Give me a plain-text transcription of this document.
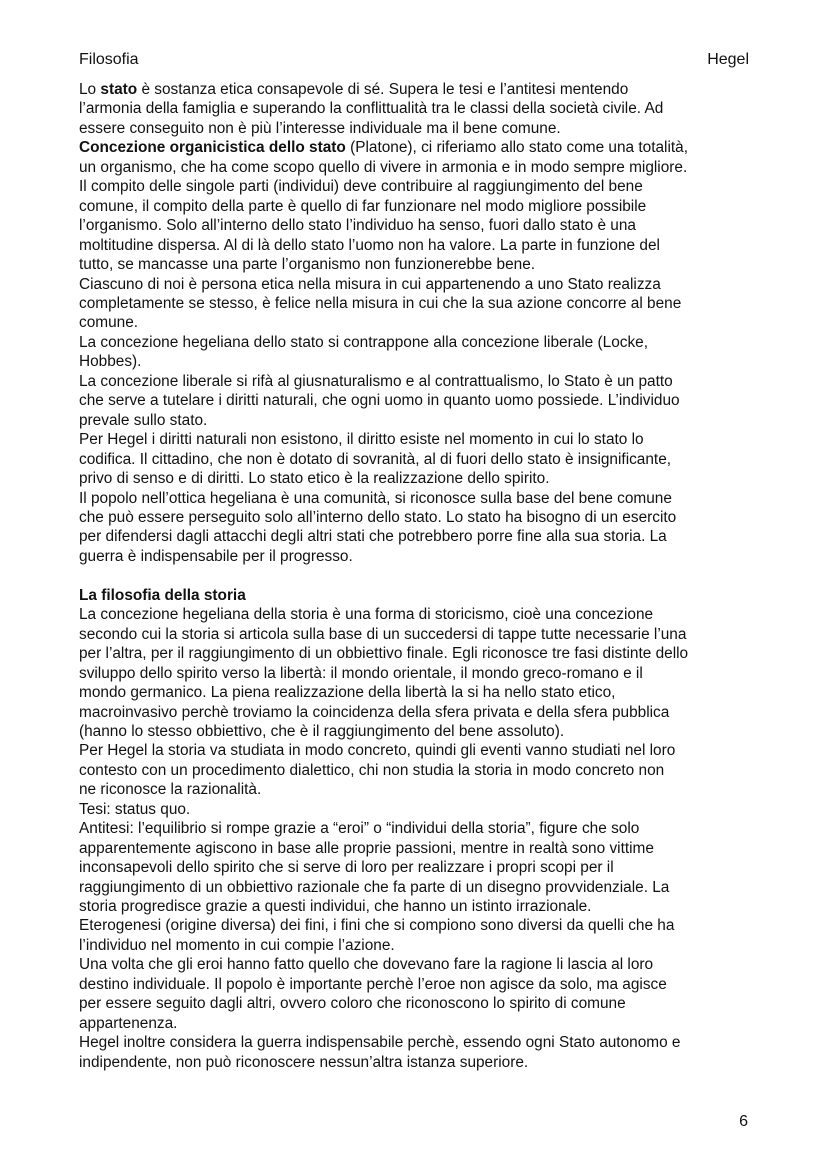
Filosofia	Hegel
Lo stato è sostanza etica consapevole di sé. Supera le tesi e l’antitesi mentendo
l’armonia della famiglia e superando la conflittualità tra le classi della società civile. Ad
essere conseguito non è più l’interesse individuale ma il bene comune.
Concezione organicistica dello stato (Platone), ci riferiamo allo stato come una totalità,
un organismo, che ha come scopo quello di vivere in armonia e in modo sempre migliore.
Il compito delle singole parti (individui) deve contribuire al raggiungimento del bene
comune, il compito della parte è quello di far funzionare nel modo migliore possibile
l’organismo. Solo all’interno dello stato l’individuo ha senso, fuori dallo stato è una
moltitudine dispersa. Al di là dello stato l’uomo non ha valore. La parte in funzione del
tutto, se mancasse una parte l’organismo non funzionerebbe bene.
Ciascuno di noi è persona etica nella misura in cui appartenendo a uno Stato realizza
completamente se stesso, è felice nella misura in cui che la sua azione concorre al bene
comune.
La concezione hegeliana dello stato si contrappone alla concezione liberale (Locke,
Hobbes).
La concezione liberale si rifà al giusnaturalismo e al contrattualismo, lo Stato è un patto
che serve a tutelare i diritti naturali, che ogni uomo in quanto uomo possiede. L’individuo
prevale sullo stato.
Per Hegel i diritti naturali non esistono, il diritto esiste nel momento in cui lo stato lo
codifica. Il cittadino, che non è dotato di sovranità, al di fuori dello stato è insignificante,
privo di senso e di diritti. Lo stato etico è la realizzazione dello spirito.
Il popolo nell’ottica hegeliana è una comunità, si riconosce sulla base del bene comune
che può essere perseguito solo all’interno dello stato. Lo stato ha bisogno di un esercito
per difendersi dagli attacchi degli altri stati che potrebbero porre fine alla sua storia. La
guerra è indispensabile per il progresso.
La filosofia della storia
La concezione hegeliana della storia è una forma di storicismo, cioè una concezione
secondo cui la storia si articola sulla base di un succedersi di tappe tutte necessarie l’una
per l’altra, per il raggiungimento di un obbiettivo finale. Egli riconosce tre fasi distinte dello
sviluppo dello spirito verso la libertà: il mondo orientale, il mondo greco-romano e il
mondo germanico. La piena realizzazione della libertà la si ha nello stato etico,
macroinvasivo perchè troviamo la coincidenza della sfera privata e della sfera pubblica
(hanno lo stesso obbiettivo, che è il raggiungimento del bene assoluto).
Per Hegel la storia va studiata in modo concreto, quindi gli eventi vanno studiati nel loro
contesto con un procedimento dialettico, chi non studia la storia in modo concreto non
ne riconosce la razionalità.
Tesi: status quo.
Antitesi: l’equilibrio si rompe grazie a “eroi” o “individui della storia”, figure che solo
apparentemente agiscono in base alle proprie passioni, mentre in realtà sono vittime
inconsapevoli dello spirito che si serve di loro per realizzare i propri scopi per il
raggiungimento di un obbiettivo razionale che fa parte di un disegno provvidenziale. La
storia progredisce grazie a questi individui, che hanno un istinto irrazionale.
Eterogenesi (origine diversa) dei fini, i fini che si compiono sono diversi da quelli che ha
l’individuo nel momento in cui compie l’azione.
Una volta che gli eroi hanno fatto quello che dovevano fare la ragione li lascia al loro
destino individuale. Il popolo è importante perchè l’eroe non agisce da solo, ma agisce
per essere seguito dagli altri, ovvero coloro che riconoscono lo spirito di comune
appartenenza.
Hegel inoltre considera la guerra indispensabile perchè, essendo ogni Stato autonomo e
indipendente, non può riconoscere nessun’altra istanza superiore.
6
